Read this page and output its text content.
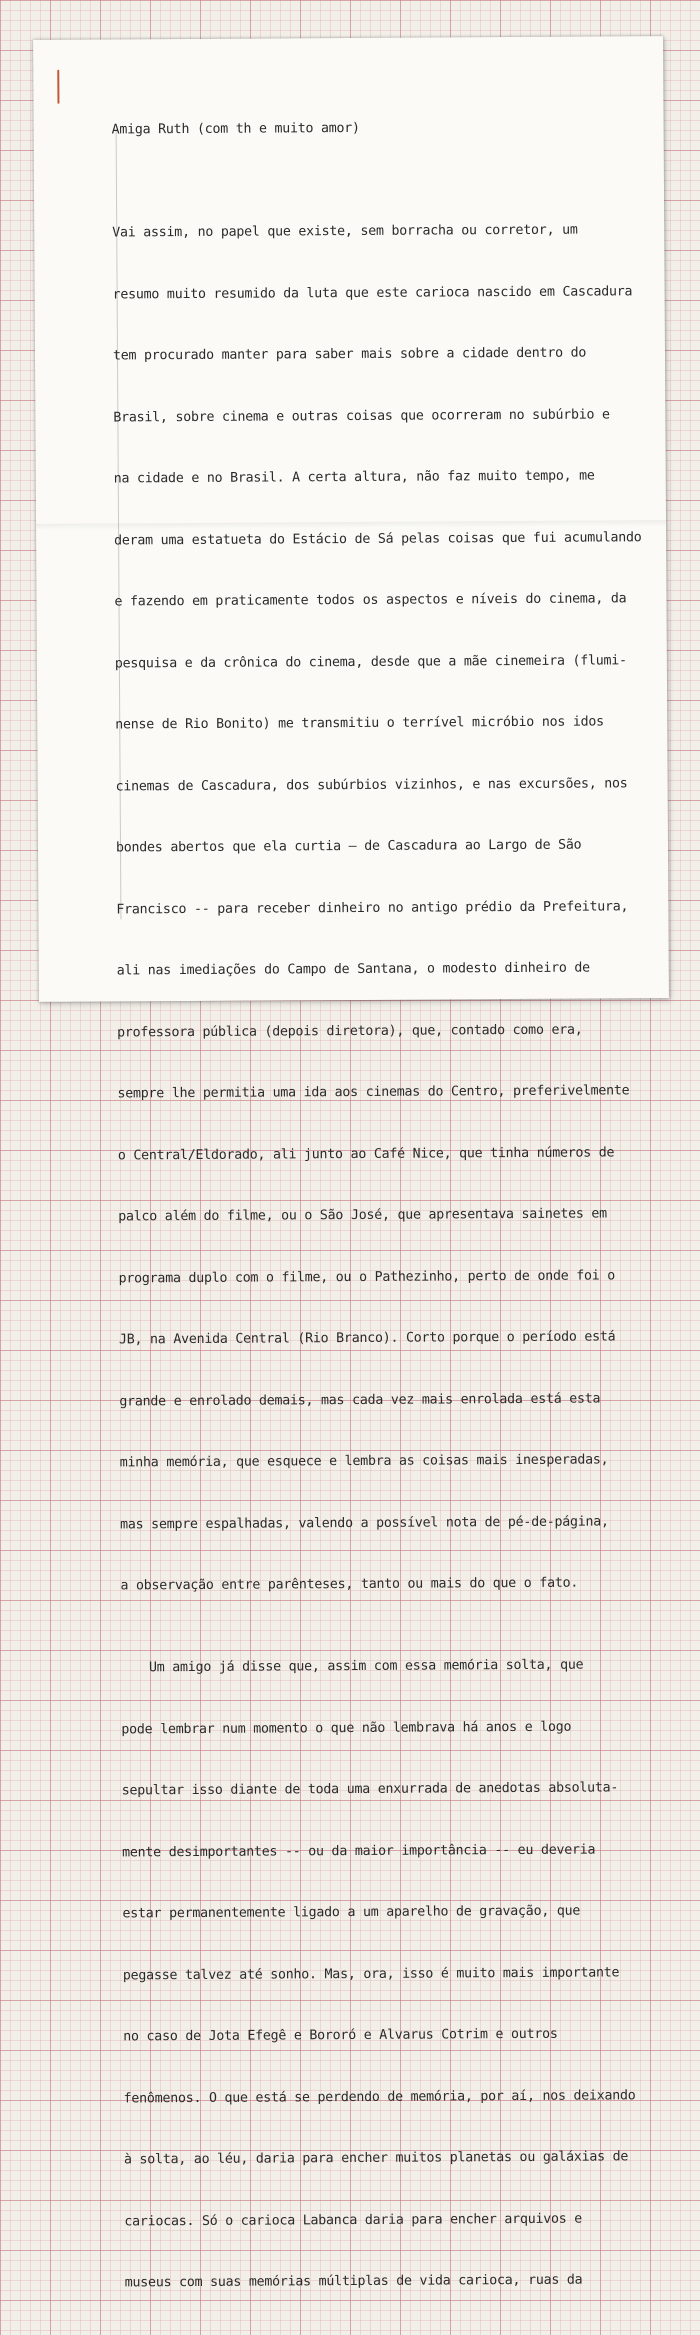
Amiga Ruth (com th e muito amor)

Vai assim, no papel que existe, sem borracha ou corretor, um

resumo muito resumido da luta que este carioca nascido em Cascadura

tem procurado manter para saber mais sobre a cidade dentro do

Brasil, sobre cinema e outras coisas que ocorreram no subúrbio e

na cidade e no Brasil. A certa altura, não faz muito tempo, me

deram uma estatueta do Estácio de Sá pelas coisas que fui acumulando

e fazendo em praticamente todos os aspectos e níveis do cinema, da

pesquisa e da crônica do cinema, desde que a mãe cinemeira (flumi-

nense de Rio Bonito) me transmitiu o terrível micróbio nos idos

cinemas de Cascadura, dos subúrbios vizinhos, e nas excursões, nos

bondes abertos que ela curtia — de Cascadura ao Largo de São

Francisco -- para receber dinheiro no antigo prédio da Prefeitura,

ali nas imediações do Campo de Santana, o modesto dinheiro de

professora pública (depois diretora), que, contado como era,

sempre lhe permitia uma ida aos cinemas do Centro, preferivelmente

o Central/Eldorado, ali junto ao Café Nice, que tinha números de

palco além do filme, ou o São José, que apresentava sainetes em

programa duplo com o filme, ou o Pathezinho, perto de onde foi o

JB, na Avenida Central (Rio Branco). Corto porque o período está

grande e enrolado demais, mas cada vez mais enrolada está esta

minha memória, que esquece e lembra as coisas mais inesperadas,

mas sempre espalhadas, valendo a possível nota de pé-de-página,

a observação entre parênteses, tanto ou mais do que o fato.

Um amigo já disse que, assim com essa memória solta, que

pode lembrar num momento o que não lembrava há anos e logo

sepultar isso diante de toda uma enxurrada de anedotas absoluta-

mente desimportantes -- ou da maior importância -- eu deveria

estar permanentemente ligado a um aparelho de gravação, que

pegasse talvez até sonho. Mas, ora, isso é muito mais importante

no caso de Jota Efegê e Bororó e Alvarus Cotrim e outros

fenômenos. O que está se perdendo de memória, por aí, nos deixando

à solta, ao léu, daria para encher muitos planetas ou galáxias de

cariocas. Só o carioca Labanca daria para encher arquivos e

museus com suas memórias múltiplas de vida carioca, ruas da
